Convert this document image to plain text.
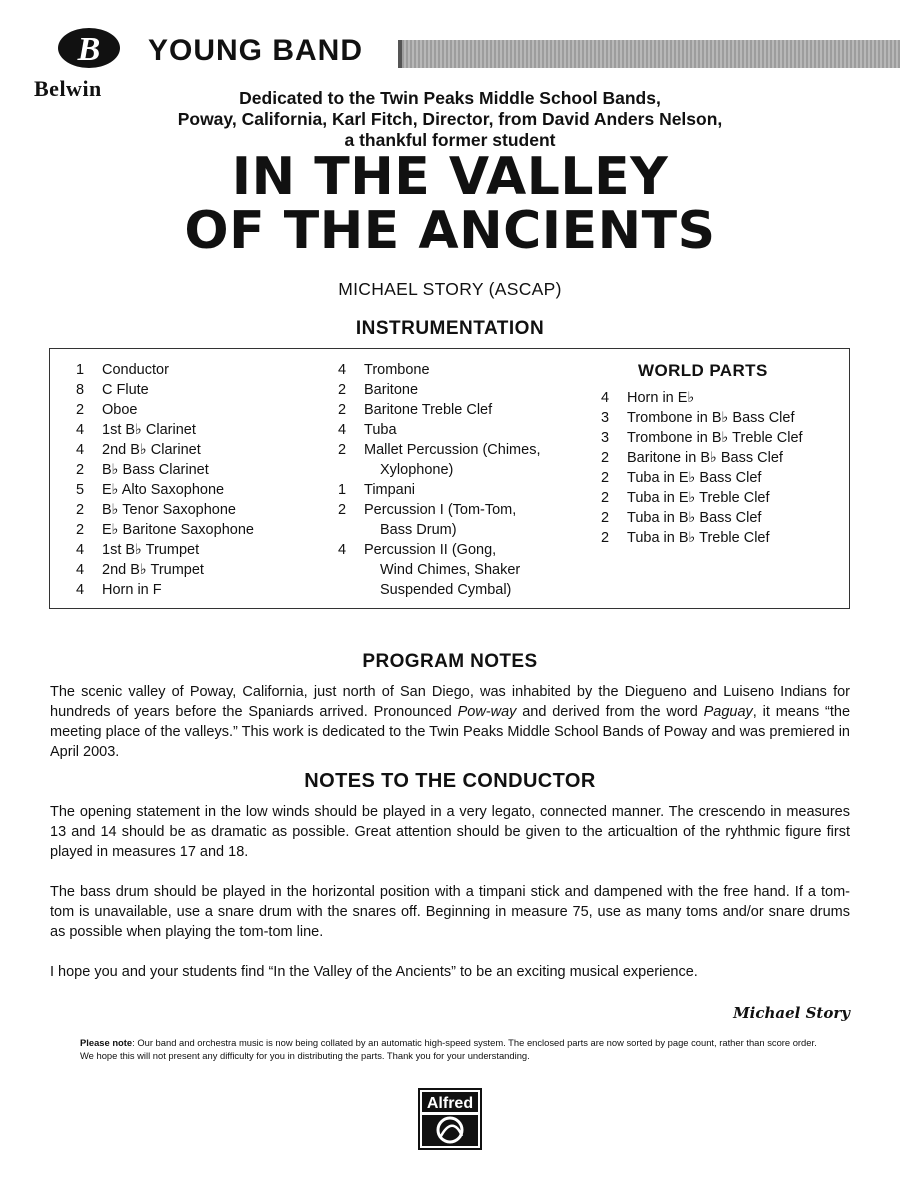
B
Belwin
YOUNG BAND
Dedicated to the Twin Peaks Middle School Bands,
Poway, California, Karl Fitch, Director, from David Anders Nelson,
a thankful former student
IN THE VALLEY
OF THE ANCIENTS
MICHAEL STORY (ASCAP)
INSTRUMENTATION
1	Conductor
8	C Flute
2	Oboe
4	1st B♭ Clarinet
4	2nd B♭ Clarinet
2	B♭ Bass Clarinet
5	E♭ Alto Saxophone
2	B♭ Tenor Saxophone
2	E♭ Baritone Saxophone
4	1st B♭ Trumpet
4	2nd B♭ Trumpet
4	Horn in F
4	Trombone
2	Baritone
2	Baritone Treble Clef
4	Tuba
2	Mallet Percussion (Chimes,
Xylophone)
1	Timpani
2	Percussion I (Tom-Tom,
Bass Drum)
4	Percussion II (Gong,
Wind Chimes, Shaker
Suspended Cymbal)
WORLD PARTS
4	Horn in E♭
3	Trombone in B♭ Bass Clef
3	Trombone in B♭ Treble Clef
2	Baritone in B♭ Bass Clef
2	Tuba in E♭ Bass Clef
2	Tuba in E♭ Treble Clef
2	Tuba in B♭ Bass Clef
2	Tuba in B♭ Treble Clef
PROGRAM NOTES
The scenic valley of Poway, California, just north of San Diego, was inhabited by the Diegueno and Luiseno Indians for hundreds of years before the Spaniards arrived. Pronounced Pow-way and derived from the word Paguay, it means “the meeting place of the valleys.” This work is dedicated to the Twin Peaks Middle School Bands of Poway and was premiered in April 2003.
NOTES TO THE CONDUCTOR
The opening statement in the low winds should be played in a very legato, connected manner. The crescendo in measures 13 and 14 should be as dramatic as possible. Great attention should be given to the articualtion of the ryhthmic figure first played in measures 17 and 18.
The bass drum should be played in the horizontal position with a timpani stick and dampened with the free hand. If a tom-tom is unavailable, use a snare drum with the snares off. Beginning in measure 75, use as many toms and/or snare drums as possible when playing the tom-tom line.
I hope you and your students find “In the Valley of the Ancients” to be an exciting musical experience.
Michael Story
Please note: Our band and orchestra music is now being collated by an automatic high-speed system. The enclosed parts are now sorted by page count, rather than score order. We hope this will not present any difficulty for you in distributing the parts. Thank you for your understanding.
Alfred
